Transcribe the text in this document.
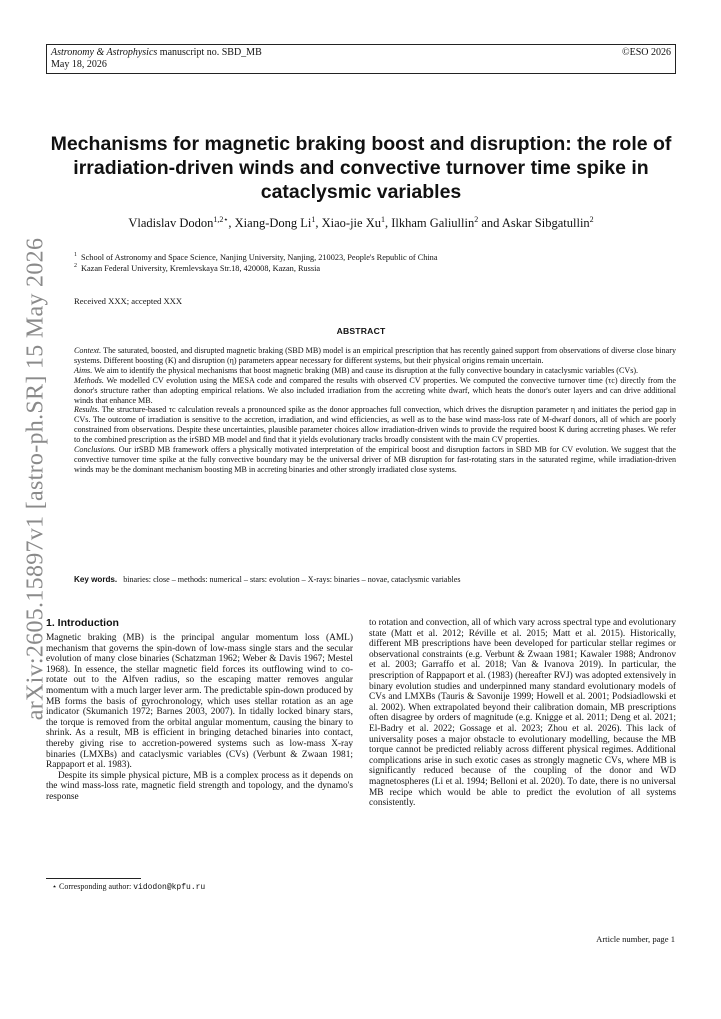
Astronomy & Astrophysics manuscript no. SBD_MB
May 18, 2026
©ESO 2026
arXiv:2605.15897v1 [astro-ph.SR] 15 May 2026
Mechanisms for magnetic braking boost and disruption: the role of
irradiation-driven winds and convective turnover time spike in
cataclysmic variables
Vladislav Dodon$^{1,2⋆}$, Xiang-Dong Li$^1$, Xiao-jie Xu$^1$, Ilkham Galiullin$^2$ and Askar Sibgatullin$^2$
$^1$ School of Astronomy and Space Science, Nanjing University, Nanjing, 210023, People's Republic of China
$^2$ Kazan Federal University, Kremlevskaya Str.18, 420008, Kazan, Russia
Received XXX; accepted XXX
ABSTRACT

Context. The saturated, boosted, and disrupted magnetic braking (SBD MB) model is an empirical prescription that has recently gained support from observations of diverse close binary systems. Different boosting (K) and disruption (η) parameters appear necessary for different systems, but their physical origins remain uncertain.

Aims. We aim to identify the physical mechanisms that boost magnetic braking (MB) and cause its disruption at the fully convective boundary in cataclysmic variables (CVs).

Methods. We modelled CV evolution using the MESA code and compared the results with observed CV properties. We computed the convective turnover time (τc) directly from the donor's structure rather than adopting empirical relations. We also included irradiation from the accreting white dwarf, which heats the donor's outer layers and can drive additional winds that enhance MB.

Results. The structure-based τc calculation reveals a pronounced spike as the donor approaches full convection, which drives the disruption parameter η and initiates the period gap in CVs. The outcome of irradiation is sensitive to the accretion, irradiation, and wind efficiencies, as well as to the base wind mass-loss rate of M-dwarf donors, all of which are poorly constrained from observations. Despite these uncertainties, plausible parameter choices allow irradiation-driven winds to provide the required boost K during accreting phases. We refer to the combined prescription as the irSBD MB model and find that it yields evolutionary tracks broadly consistent with the main CV properties.

Conclusions. Our irSBD MB framework offers a physically motivated interpretation of the empirical boost and disruption factors in SBD MB for CV evolution. We suggest that the convective turnover time spike at the fully convective boundary may be the universal driver of MB disruption for fast-rotating stars in the saturated regime, while irradiation-driven winds may be the dominant mechanism boosting MB in accreting binaries and other strongly irradiated close systems.

Key words. binaries: close – methods: numerical – stars: evolution – X-rays: binaries – novae, cataclysmic variables
1. Introduction

Magnetic braking (MB) is the principal angular momentum loss (AML) mechanism that governs the spin-down of low-mass single stars and the secular evolution of many close binaries (Schatzman 1962; Weber & Davis 1967; Mestel 1968). In essence, the stellar magnetic field forces its outflowing wind to co-rotate out to the Alfven radius, so the escaping matter removes angular momentum with a much larger lever arm. The predictable spin-down produced by MB forms the basis of gyrochronology, which uses stellar rotation as an age indicator (Skumanich 1972; Barnes 2003, 2007). In tidally locked binary stars, the torque is removed from the orbital angular momentum, causing the binary to shrink. As a result, MB is efficient in bringing detached binaries into contact, thereby giving rise to accretion-powered systems such as low-mass X-ray binaries (LMXBs) and cataclysmic variables (CVs) (Verbunt & Zwaan 1981; Rappaport et al. 1983).

Despite its simple physical picture, MB is a complex process as it depends on the wind mass-loss rate, magnetic field strength and topology, and the dynamo's response

to rotation and convection, all of which vary across spectral type and evolutionary state (Matt et al. 2012; Réville et al. 2015; Matt et al. 2015). Historically, different MB prescriptions have been developed for particular stellar regimes or observational constraints (e.g. Verbunt & Zwaan 1981; Kawaler 1988; Andronov et al. 2003; Garraffo et al. 2018; Van & Ivanova 2019). In particular, the prescription of Rappaport et al. (1983) (hereafter RVJ) was adopted extensively in binary evolution studies and underpinned many standard evolutionary models of CVs and LMXBs (Tauris & Savonije 1999; Howell et al. 2001; Podsiadlowski et al. 2002). When extrapolated beyond their calibration domain, MB prescriptions often disagree by orders of magnitude (e.g. Knigge et al. 2011; Deng et al. 2021; El-Badry et al. 2022; Gossage et al. 2023; Zhou et al. 2026). This lack of universality poses a major obstacle to evolutionary modelling, because the MB torque cannot be predicted reliably across different physical regimes. Additional complications arise in such exotic cases as strongly magnetic CVs, where MB is significantly reduced because of the coupling of the donor and WD magnetospheres (Li et al. 1994; Belloni et al. 2020). To date, there is no universal MB recipe which would be able to predict the evolution of all systems consistently.

⋆ Corresponding author: vidodon@kpfu.ru
Article number, page 1
